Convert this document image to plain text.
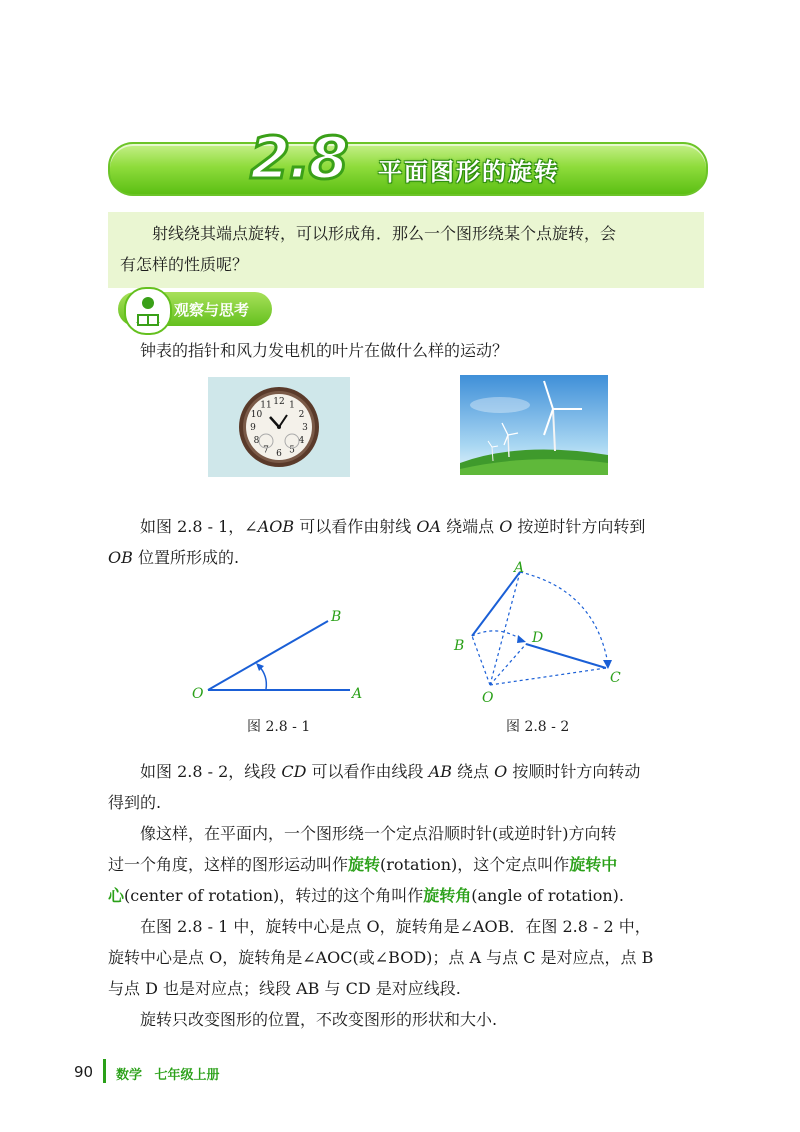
2.8 平面图形的旋转

射线绕其端点旋转，可以形成角．那么一个图形绕某个点旋转，会

有怎样的性质呢？
观察与思考
钟表的指针和风力发电机的叶片在做什么样的运动？
12 1
2
3
4
5
6
7
8
9
10
11
如图 2.8 - 1，∠AOB 可以看作由射线 OA 绕端点 O 按逆时针方向转到
OB 位置所形成的.
O	A
B
图 2.8 - 1
A
B
C
D
O
图 2.8 - 2
如图 2.8 - 2，线段 CD 可以看作由线段 AB 绕点 O 按顺时针方向转动
得到的.
像这样，在平面内，一个图形绕一个定点沿顺时针(或逆时针)方向转
过一个角度，这样的图形运动叫作旋转(rotation)，这个定点叫作旋转中
心(center of rotation)，转过的这个角叫作旋转角(angle of rotation).
在图 2.8 - 1 中，旋转中心是点 O，旋转角是∠AOB．在图 2.8 - 2 中，
旋转中心是点 O，旋转角是∠AOC(或∠BOD)；点 A 与点 C 是对应点，点 B
与点 D 也是对应点；线段 AB 与 CD 是对应线段.
旋转只改变图形的位置，不改变图形的形状和大小.
90 数学 七年级上册
